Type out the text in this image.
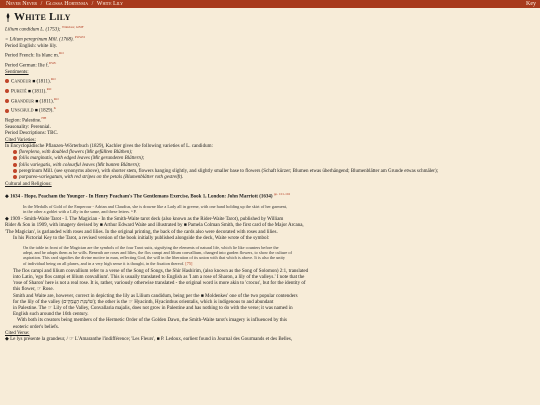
Never Never / Glossa Hortensia / White Lily	Key
White Lily
Lilium candidum L. (1753); $^{Wikidata; GBIF}$
= Lilium peregrinum Mill. (1768). $^{POWO}$
Period English: white lily.
Period French: lis blanc m.$^{RO}$
Period German: Ilie f.$^{DWb}$
Sentiments:
Candeur ■ (1811).$^{RO}$
Pureté ■ (1811).$^{RO}$
Grandeur ■ (1811).$^{RO}$
Unschuld ■ (1829).$^K$
Region: Palestine.$^{HH}$
Seasonality: Perennial.
Period Descriptions: TBC.
Cited Varieties:
In Encyclopädische Pflanzen-Wörterbuch (1829), Kachler gives the following varieties of L. candidum:
florepleno, with doubled flowers (Mit gefüllten Blüthen);
foliis marginatis, with edged leaves (Mit gerandeten Blättern);
foliis variegatis, with colourful leaves (Mit bunten Blättern);
peregrinum Mill. (see synonyms above), with shorter stem, flowers hanging slightly, and slightly smaller base to flowers (Schaft kürzer; Blumen etwas überhängend; Blumenblätter am Grunde etwas schmäler);
purpureo-variegatum, with red stripes on the petals (Blumenblätter roth gestreift).
Cultural and Religious:
◆ 1634 - Hope, Peacham the Younger - In Henry Peacham's The Gentlemans Exercise, Book 1, London: John Marriott (1634) $^{pp. 101-102}$
In the Medalls of Gold of the Emperour - Adrian and Claudius, she is drawne like a Lady all in greene, with one hand holding up the skirt of her garment,
in the other a goblet with a Lilly in the same, and these letters. ⁿ P.
◆ 1909 - Smith-Waite Tarot - I. The Magician - In the Smith-Waite tarot deck (also known as the Rider-Waite Tarot), published by William
Rider & Son in 1909, with imagery devised by ■ Arthur Edward Waite and illustrated by ■ Pamela Colman Smith, the first card of the Major Arcana,
'The Magician', is garlanded with roses and lilies. In the original printing, the back of the cards also were decorated with roses and lilies.
In his Pictorial Key to the Tarot, a revised version of the book initially published alongside the deck, Waite wrote of the symbol:
On the table in front of the Magician are the symbols of the four Tarot suits, signifying the elements of natural life, which lie like counters before the
adept, and he adapts them as he wills. Beneath are roses and lilies, the flos campi and lilium convallium, changed into garden flowers, to show the culture of
aspiration. This card signifies the divine motive in man, reflecting God, the will in the liberation of its union with that which is above. It is also the unity
of individual being on all planes, and in a very high sense it is thought, in the fixation thereof. [75]
The flos campi and lilium convallium refer to a verse of the Song of Songs, the Shir Hashirim, (also known as the Song of Solomon) 2:1, translated
into Latin, 'ego flos campi et lilium convallium'. This is usually translated to English as 'I am a rose of Sharon, a lily of the valleys.' I note that the
'rose of Sharon' here is not a real rose. It is, rather, variously otherwise translated - the original word is more akin to 'crocus', but for the identity of
this flower, ☞ Rose.
Smith and Waite are, however, correct in depicting the lily as Lilium candidum, being per the ■ Moldenkes' one of the two popular contenders
for the lily of the valley (שׁוֹשַׁנַּת הָעֲמָקִים); the other is the ☞ Hyacinth, Hyacinthus orientalis, which is indigenous to and abundant
in Palestine. The ☞ Lily of the Valley, Convallaria majalis, does not grow in Palestine and has nothing to do with the verse; it was named in
English such around the 16th century.
With both its creators being members of the Hermetic Order of the Golden Dawn, the Smith-Waite tarot's imagery is influenced by this
esoteric order's beliefs.
Cited Verse:
◆ Le lys présente la grandeur, / ☞ L'Amaranthe l'indifférence; 'Les Fleurs', ■ P. Ledoux, earliest found in Journal des Gourmands et des Belles,
